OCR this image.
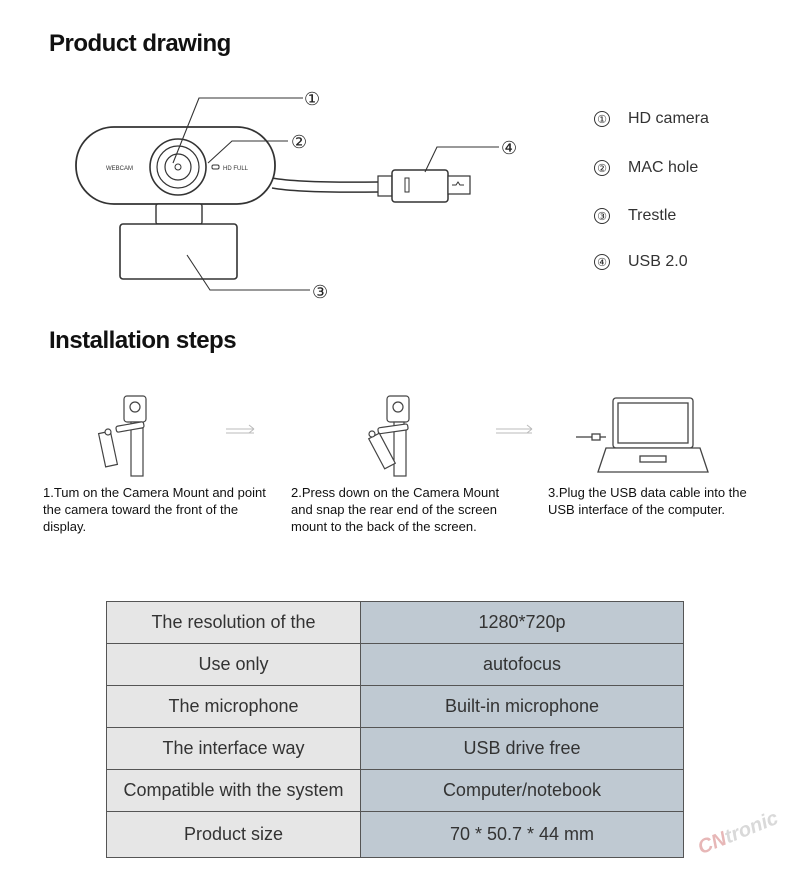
Product drawing
WEBCAM	HD FULL
①
②
③
④
① HD camera
② MAC hole
③ Trestle
④ USB 2.0
Installation steps
1.Tum on the Camera Mount and point the camera toward the front of the display.
2.Press down on the Camera Mount and snap the rear end of the screen mount to the back of the screen.
3.Plug the USB data cable into the USB interface of the computer.
The resolution of the	1280*720p
Use only	autofocus
The microphone	Built-in microphone
The interface way	USB drive free
Compatible with the system	Computer/notebook
Product size	70 * 50.7 * 44 mm	CNtronic
